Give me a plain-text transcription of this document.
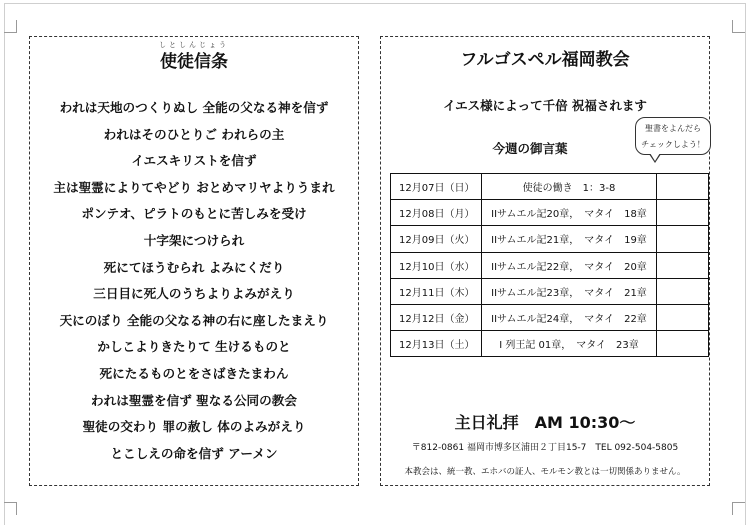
しとしんじょう
使徒信条
われは天地のつくりぬし 全能の父なる神を信ず
われはそのひとりご われらの主
イエスキリストを信ず
主は聖霊によりてやどり おとめマリヤよりうまれ
ポンテオ、ピラトのもとに苦しみを受け
十字架につけられ
死にてほうむられ よみにくだり
三日目に死人のうちよりよみがえり
天にのぼり 全能の父なる神の右に座したまえり
かしこよりきたりて 生けるものと
死にたるものとをさばきたまわん
われは聖霊を信ず 聖なる公同の教会
聖徒の交わり 罪の赦し 体のよみがえり
とこしえの命を信ず アーメン
フルゴスペル福岡教会
イエス様によって千倍 祝福されます
今週の御言葉
聖書をよんだら
チェックしよう！
12月07日（日）	使徒の働き　1：3-8	
12月08日（月）	IIサムエル記20章，　マタイ　18章	
12月09日（火）	IIサムエル記21章，　マタイ　19章	
12月10日（水）	IIサムエル記22章，　マタイ　20章	
12月11日（木）	IIサムエル記23章，　マタイ　21章	
12月12日（金）	IIサムエル記24章，　マタイ　22章	
12月13日（土）	I 列王記 01章，　マタイ　23章	
主日礼拝　AM 10:30～
〒812-0861 福岡市博多区浦田２丁目15-7　TEL 092-504-5805
本教会は、統一教、エホバの証人、モルモン教とは一切関係ありません。
